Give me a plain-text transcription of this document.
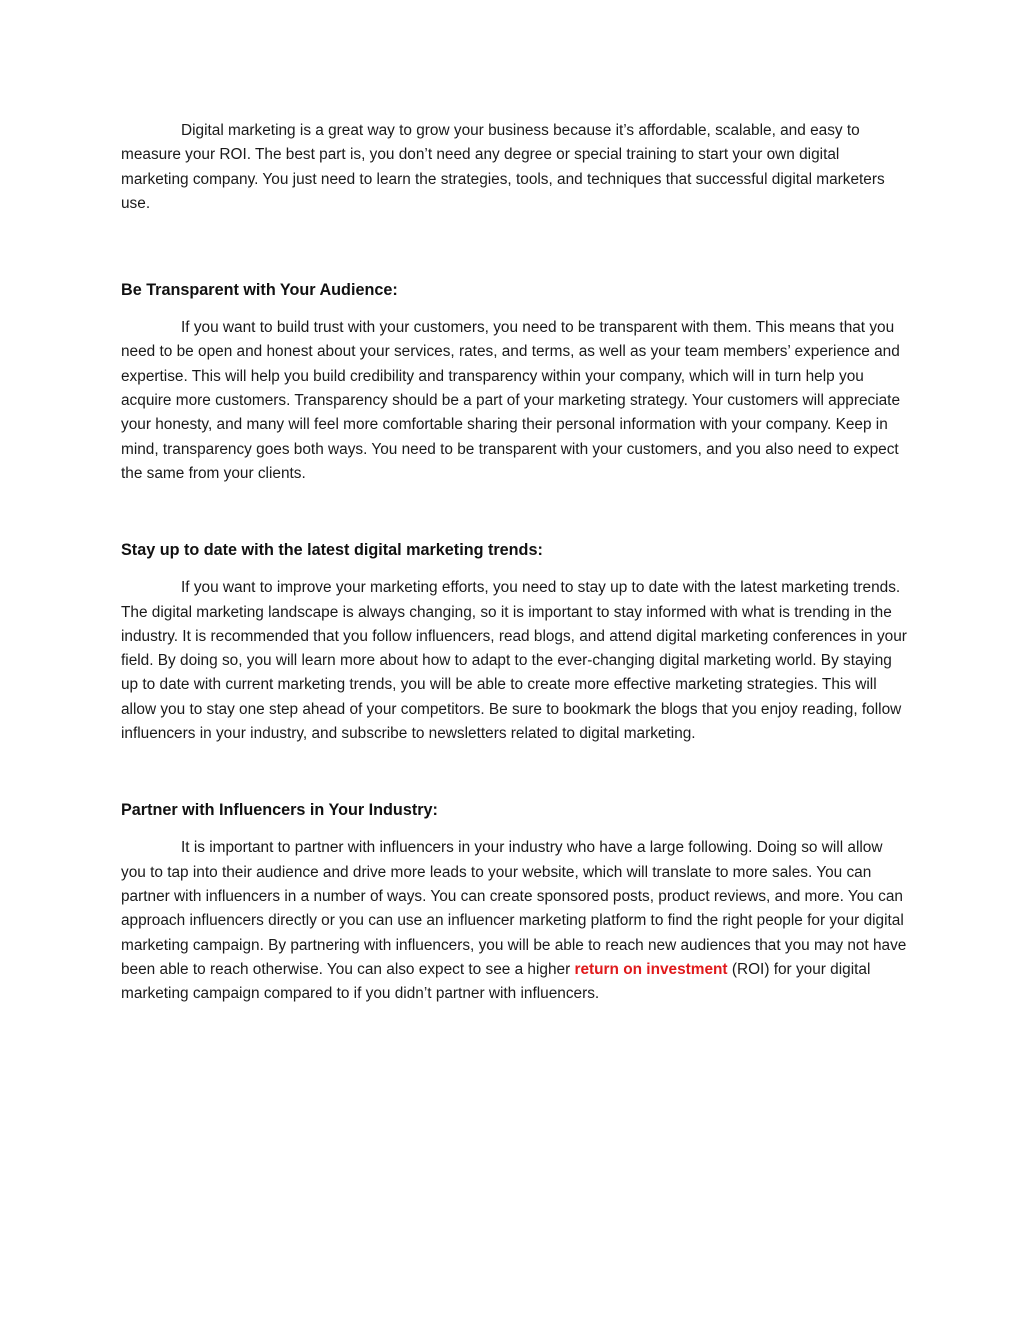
Digital marketing is a great way to grow your business because it’s affordable, scalable, and easy to measure your ROI. The best part is, you don’t need any degree or special training to start your own digital marketing company. You just need to learn the strategies, tools, and techniques that successful digital marketers use.

Be Transparent with Your Audience:

If you want to build trust with your customers, you need to be transparent with them. This means that you need to be open and honest about your services, rates, and terms, as well as your team members’ experience and expertise. This will help you build credibility and transparency within your company, which will in turn help you acquire more customers. Transparency should be a part of your marketing strategy. Your customers will appreciate your honesty, and many will feel more comfortable sharing their personal information with your company. Keep in mind, transparency goes both ways. You need to be transparent with your customers, and you also need to expect the same from your clients.

Stay up to date with the latest digital marketing trends:

If you want to improve your marketing efforts, you need to stay up to date with the latest marketing trends. The digital marketing landscape is always changing, so it is important to stay informed with what is trending in the industry. It is recommended that you follow influencers, read blogs, and attend digital marketing conferences in your field. By doing so, you will learn more about how to adapt to the ever-changing digital marketing world. By staying up to date with current marketing trends, you will be able to create more effective marketing strategies. This will allow you to stay one step ahead of your competitors. Be sure to bookmark the blogs that you enjoy reading, follow influencers in your industry, and subscribe to newsletters related to digital marketing.

Partner with Influencers in Your Industry:

It is important to partner with influencers in your industry who have a large following. Doing so will allow you to tap into their audience and drive more leads to your website, which will translate to more sales. You can partner with influencers in a number of ways. You can create sponsored posts, product reviews, and more. You can approach influencers directly or you can use an influencer marketing platform to find the right people for your digital marketing campaign. By partnering with influencers, you will be able to reach new audiences that you may not have been able to reach otherwise. You can also expect to see a higher return on investment (ROI) for your digital marketing campaign compared to if you didn’t partner with influencers.
